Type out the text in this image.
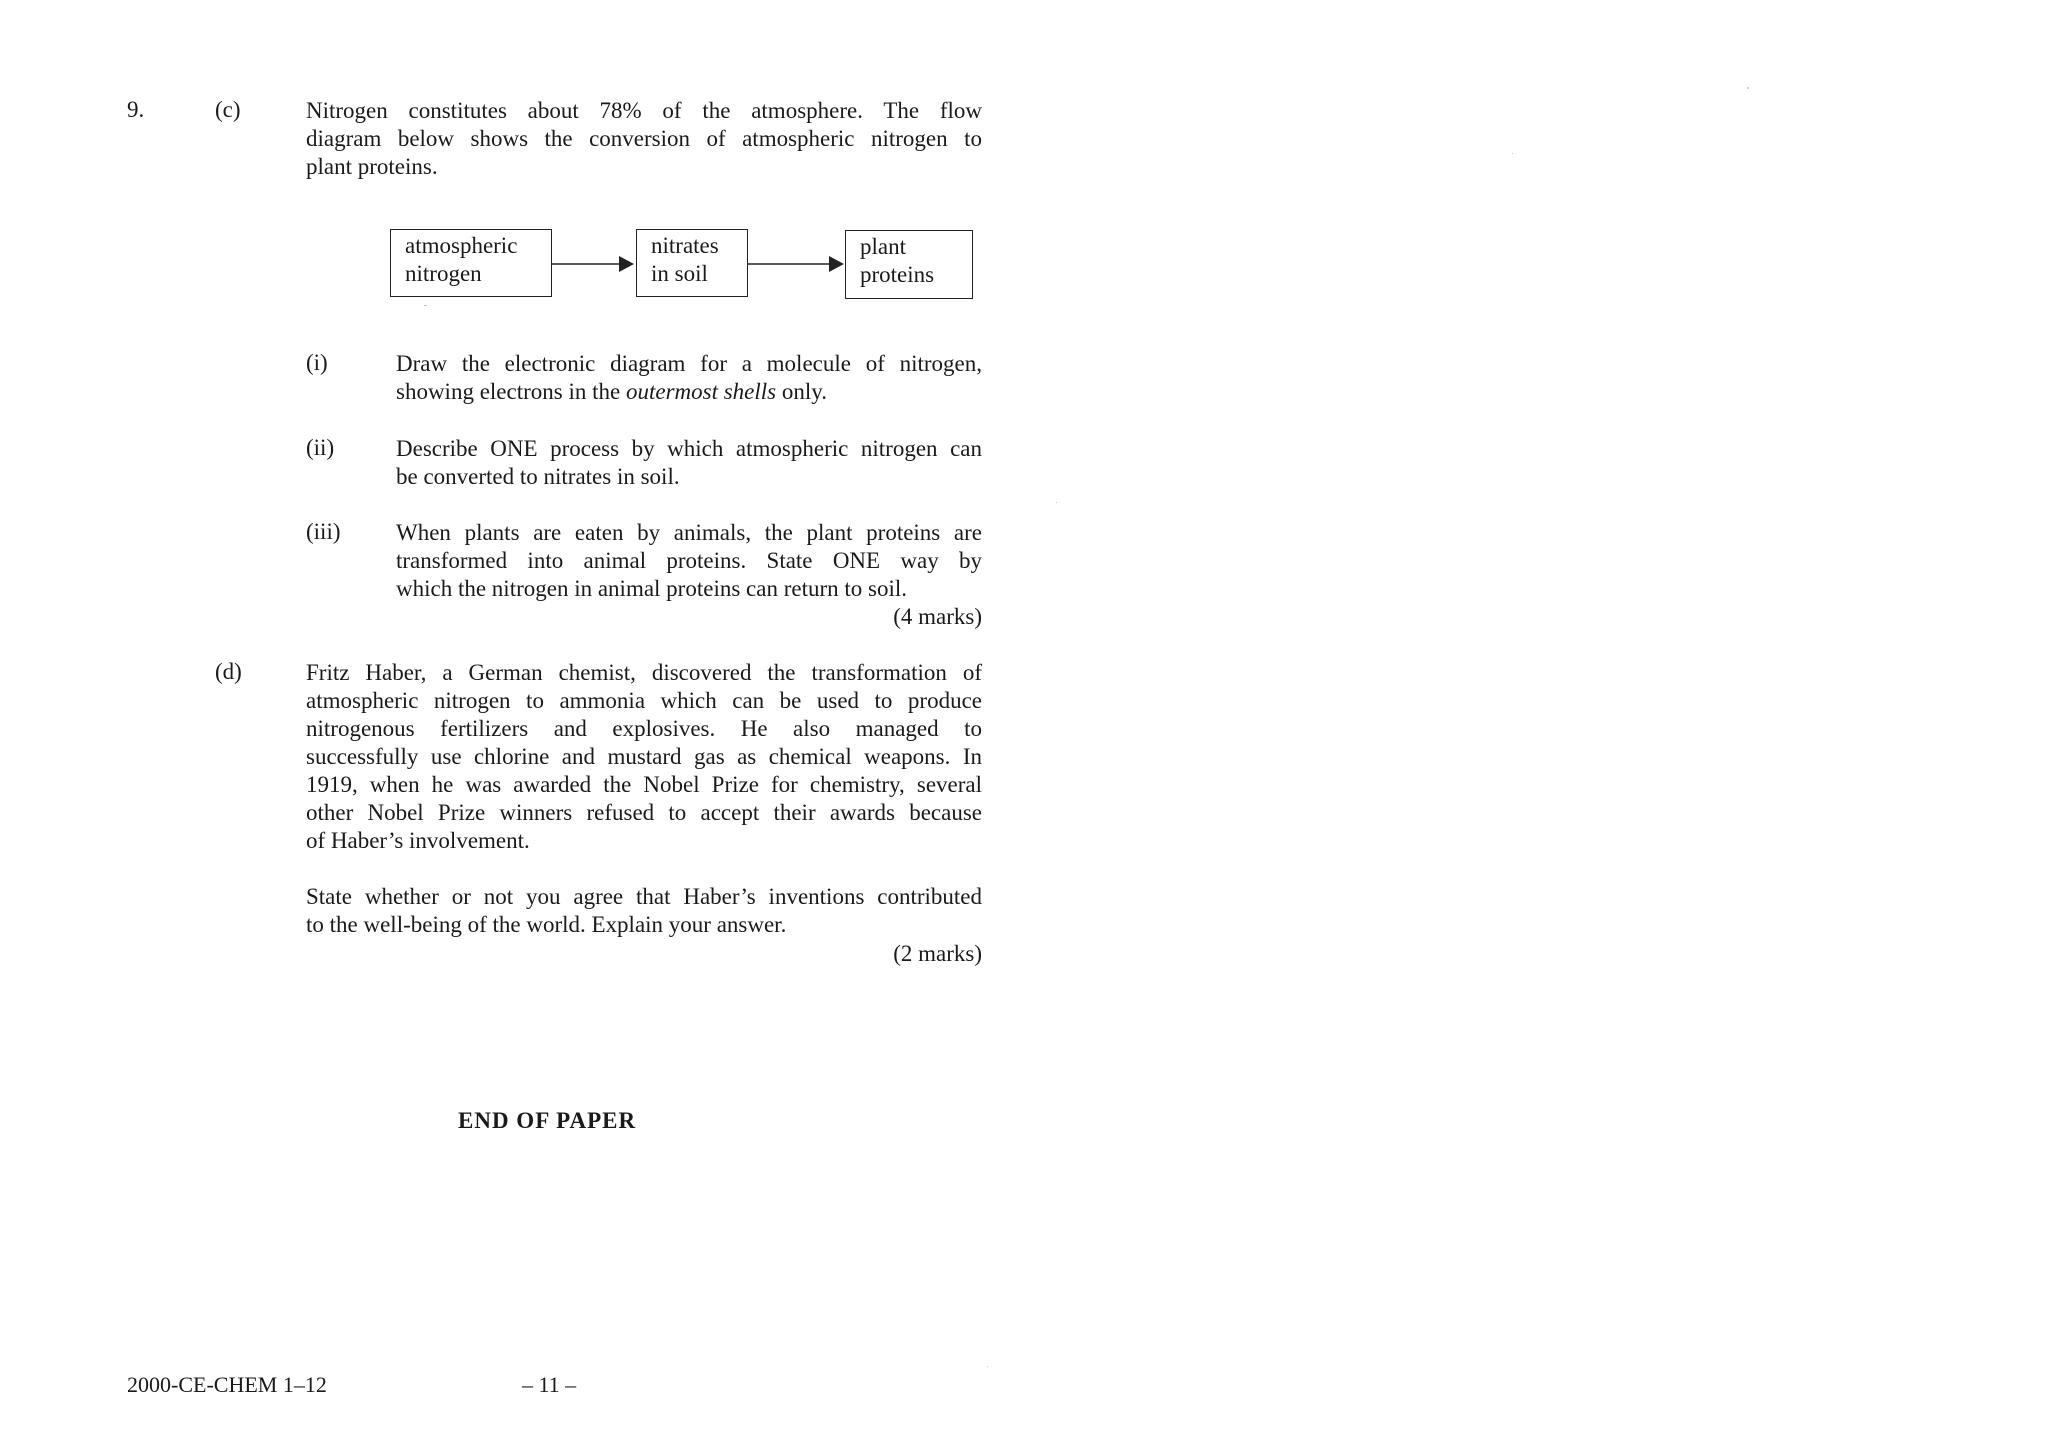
9.	(c)	Nitrogen constitutes about 78% of the atmosphere. The flow
diagram below shows the conversion of atmospheric nitrogen to
plant proteins.
atmospheric
nitrogen
nitrates
in soil
plant
proteins
(i)	Draw the electronic diagram for a molecule of nitrogen,
showing electrons in the outermost shells only.
(ii)	Describe ONE process by which atmospheric nitrogen can
be converted to nitrates in soil.
(iii) When plants are eaten by animals, the plant proteins are
transformed into animal proteins. State ONE way by
which the nitrogen in animal proteins can return to soil.
(4 marks)
(d)	Fritz Haber, a German chemist, discovered the transformation of
atmospheric nitrogen to ammonia which can be used to produce
nitrogenous fertilizers and explosives. He also managed to
successfully use chlorine and mustard gas as chemical weapons. In
1919, when he was awarded the Nobel Prize for chemistry, several
other Nobel Prize winners refused to accept their awards because
of Haber’s involvement.
State whether or not you agree that Haber’s inventions contributed
to the well-being of the world. Explain your answer.
(2 marks)
END OF PAPER
2000-CE-CHEM 1–12	– 11 –
